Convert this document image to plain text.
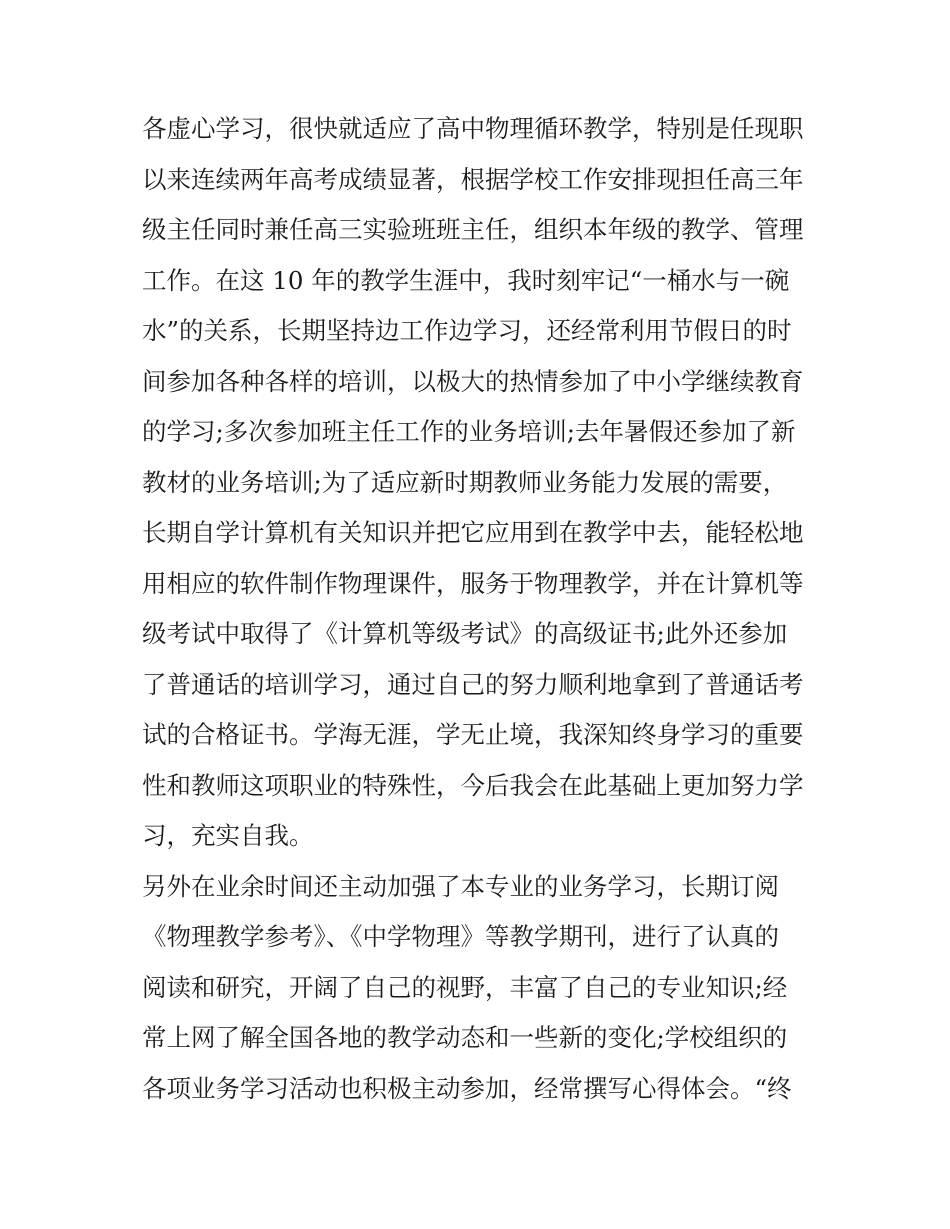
各虚心学习，很快就适应了高中物理循环教学，特别是任现职
以来连续两年高考成绩显著，根据学校工作安排现担任高三年
级主任同时兼任高三实验班班主任，组织本年级的教学、管理
工作。在这 10 年的教学生涯中，我时刻牢记“一桶水与一碗
水”的关系，长期坚持边工作边学习，还经常利用节假日的时
间参加各种各样的培训，以极大的热情参加了中小学继续教育
的学习;多次参加班主任工作的业务培训;去年暑假还参加了新
教材的业务培训;为了适应新时期教师业务能力发展的需要，
长期自学计算机有关知识并把它应用到在教学中去，能轻松地
用相应的软件制作物理课件，服务于物理教学，并在计算机等
级考试中取得了《计算机等级考试》的高级证书;此外还参加
了普通话的培训学习，通过自己的努力顺利地拿到了普通话考
试的合格证书。学海无涯，学无止境，我深知终身学习的重要
性和教师这项职业的特殊性，今后我会在此基础上更加努力学
习，充实自我。
另外在业余时间还主动加强了本专业的业务学习，长期订阅
《物理教学参考》、《中学物理》等教学期刊，进行了认真的
阅读和研究，开阔了自己的视野，丰富了自己的专业知识;经
常上网了解全国各地的教学动态和一些新的变化;学校组织的
各项业务学习活动也积极主动参加，经常撰写心得体会。“终
